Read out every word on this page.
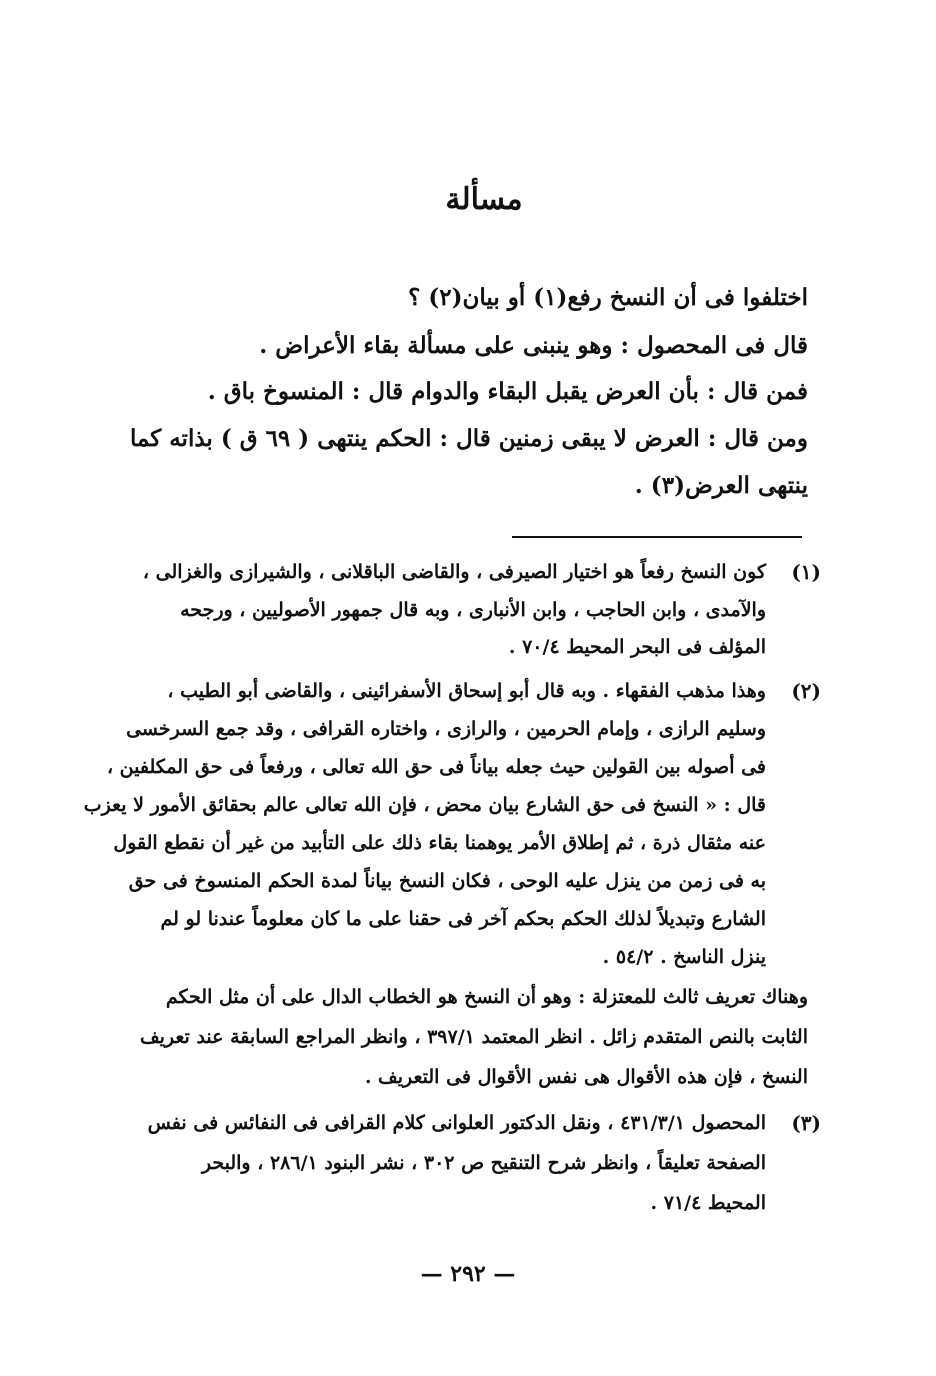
مسألة
اختلفوا فى أن النسخ رفع(١) أو بيان(٢) ؟
قال فى المحصول : وهو ينبنى على مسألة بقاء الأعراض .
فمن قال : بأن العرض يقبل البقاء والدوام قال : المنسوخ باق .
ومن قال : العرض لا يبقى زمنين قال : الحكم ينتهى ( ٦٩ ق ) بذاته كما
ينتهى العرض(٣) .
(١)
كون النسخ رفعاً هو اختيار الصيرفى ، والقاضى الباقلانى ، والشيرازى والغزالى ،
والآمدى ، وابن الحاجب ، وابن الأنبارى ، وبه قال جمهور الأصوليين ، ورجحه
المؤلف فى البحر المحيط ٧٠/٤ .
(٢)
وهذا مذهب الفقهاء . وبه قال أبو إسحاق الأسفرائينى ، والقاضى أبو الطيب ،
وسليم الرازى ، وإمام الحرمين ، والرازى ، واختاره القرافى ، وقد جمع السرخسى
فى أصوله بين القولين حيث جعله بياناً فى حق الله تعالى ، ورفعاً فى حق المكلفين ،
قال : « النسخ فى حق الشارع بيان محض ، فإن الله تعالى عالم بحقائق الأمور لا يعزب
عنه مثقال ذرة ، ثم إطلاق الأمر يوهمنا بقاء ذلك على التأبيد من غير أن نقطع القول
به فى زمن من ينزل عليه الوحى ، فكان النسخ بياناً لمدة الحكم المنسوخ فى حق
الشارع وتبديلاً لذلك الحكم بحكم آخر فى حقنا على ما كان معلوماً عندنا لو لم
ينزل الناسخ . ٥٤/٢ .
وهناك تعريف ثالث للمعتزلة : وهو أن النسخ هو الخطاب الدال على أن مثل الحكم
الثابت بالنص المتقدم زائل . انظر المعتمد ٣٩٧/١ ، وانظر المراجع السابقة عند تعريف
النسخ ، فإن هذه الأقوال هى نفس الأقوال فى التعريف .
(٣)
المحصول ٤٣١/٣/١ ، ونقل الدكتور العلوانى كلام القرافى فى النفائس فى نفس
الصفحة تعليقاً ، وانظر شرح التنقيح ص ٣٠٢ ، نشر البنود ٢٨٦/١ ، والبحر
المحيط ٧١/٤ .
— ٢٩٢ —
